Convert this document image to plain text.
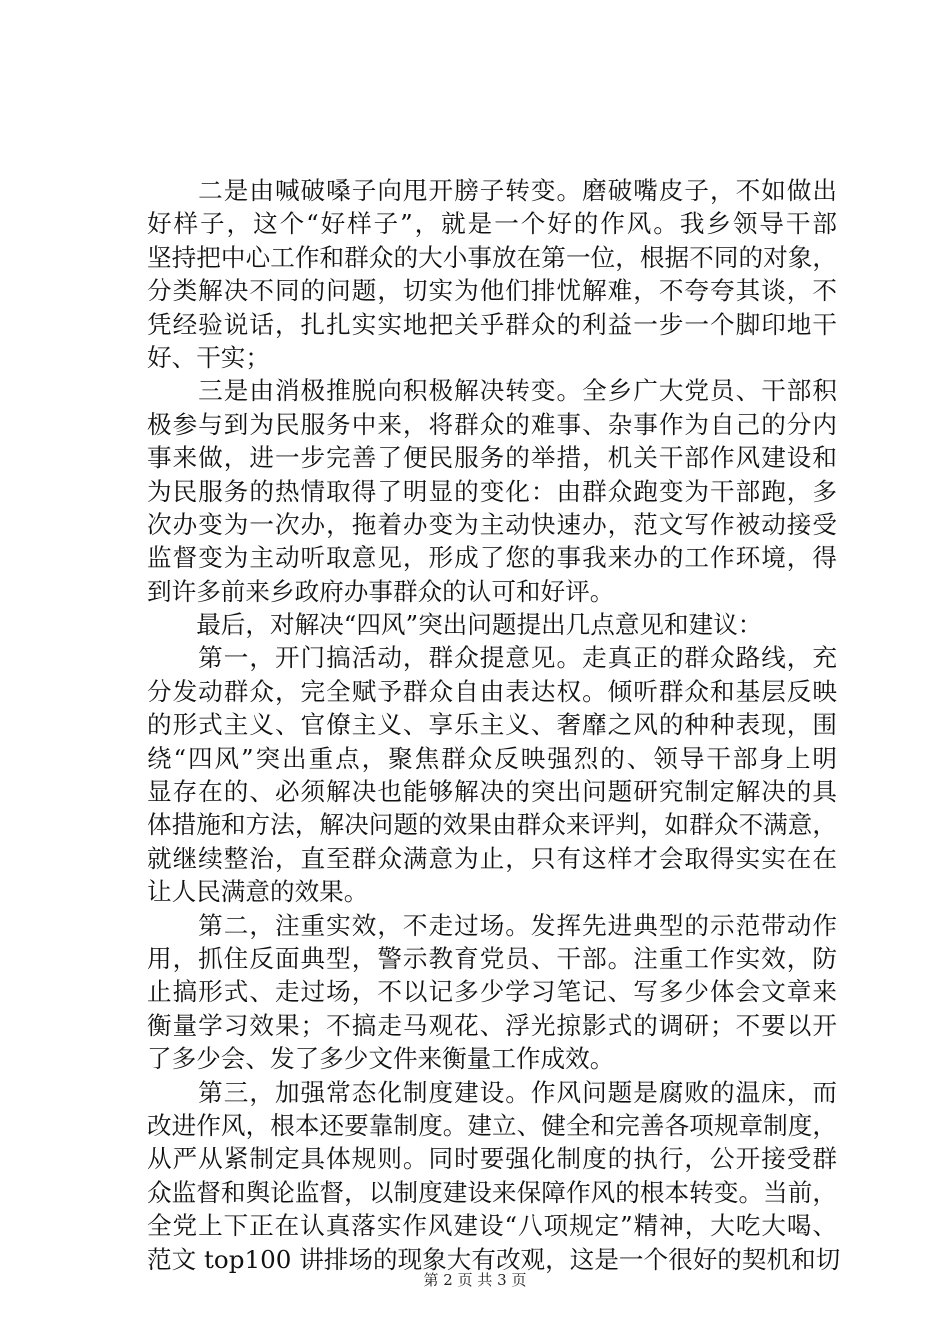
　　二是由喊破嗓子向甩开膀子转变。磨破嘴皮子，不如做出
好样子，这个“好样子”，就是一个好的作风。我乡领导干部
坚持把中心工作和群众的大小事放在第一位，根据不同的对象，
分类解决不同的问题，切实为他们排忧解难，不夸夸其谈，不
凭经验说话，扎扎实实地把关乎群众的利益一步一个脚印地干
好、干实；
　　三是由消极推脱向积极解决转变。全乡广大党员、干部积
极参与到为民服务中来，将群众的难事、杂事作为自己的分内
事来做，进一步完善了便民服务的举措，机关干部作风建设和
为民服务的热情取得了明显的变化：由群众跑变为干部跑，多
次办变为一次办，拖着办变为主动快速办，范文写作被动接受
监督变为主动听取意见，形成了您的事我来办的工作环境，得
到许多前来乡政府办事群众的认可和好评。
　　最后，对解决“四风”突出问题提出几点意见和建议：
　　第一，开门搞活动，群众提意见。走真正的群众路线，充
分发动群众，完全赋予群众自由表达权。倾听群众和基层反映
的形式主义、官僚主义、享乐主义、奢靡之风的种种表现，围
绕“四风”突出重点，聚焦群众反映强烈的、领导干部身上明
显存在的、必须解决也能够解决的突出问题研究制定解决的具
体措施和方法，解决问题的效果由群众来评判，如群众不满意，
就继续整治，直至群众满意为止，只有这样才会取得实实在在
让人民满意的效果。
　　第二，注重实效，不走过场。发挥先进典型的示范带动作
用，抓住反面典型，警示教育党员、干部。注重工作实效，防
止搞形式、走过场，不以记多少学习笔记、写多少体会文章来
衡量学习效果；不搞走马观花、浮光掠影式的调研；不要以开
了多少会、发了多少文件来衡量工作成效。
　　第三，加强常态化制度建设。作风问题是腐败的温床，而
改进作风，根本还要靠制度。建立、健全和完善各项规章制度，
从严从紧制定具体规则。同时要强化制度的执行，公开接受群
众监督和舆论监督，以制度建设来保障作风的根本转变。当前，
全党上下正在认真落实作风建设“八项规定”精神，大吃大喝、
范文 top100 讲排场的现象大有改观，这是一个很好的契机和切
第 2 页 共 3 页
